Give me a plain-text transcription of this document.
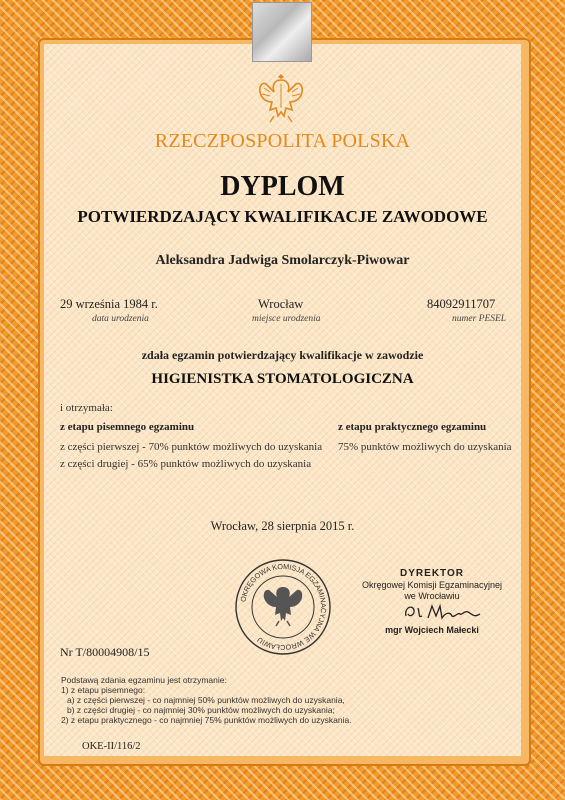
RZECZPOSPOLITA POLSKA
DYPLOM
POTWIERDZAJĄCY KWALIFIKACJE ZAWODOWE
Aleksandra Jadwiga Smolarczyk-Piwowar
29 września 1984 r.
data urodzenia
Wrocław
miejsce urodzenia
84092911707
numer PESEL
zdała egzamin potwierdzający kwalifikacje w zawodzie
HIGIENISTKA STOMATOLOGICZNA
i otrzymała:
z etapu pisemnego egzaminu
z części pierwszej - 70% punktów możliwych do uzyskania
z części drugiej - 65% punktów możliwych do uzyskania
z etapu praktycznego egzaminu
75% punktów możliwych do uzyskania
Wrocław, 28 sierpnia 2015 r.
OKRĘGOWA KOMISJA EGZAMINACYJNA WE WROCŁAWIU
DYREKTOR
Okręgowej Komisji Egzaminacyjnej
we Wrocławiu
mgr Wojciech Małecki
Nr T/80004908/15
Podstawą zdania egzaminu jest otrzymanie:
1) z etapu pisemnego:
a) z części pierwszej - co najmniej 50% punktów możliwych do uzyskania,
b) z części drugiej - co najmniej 30% punktów możliwych do uzyskania;
2) z etapu praktycznego - co najmniej 75% punktów możliwych do uzyskania.
OKE-II/116/2
